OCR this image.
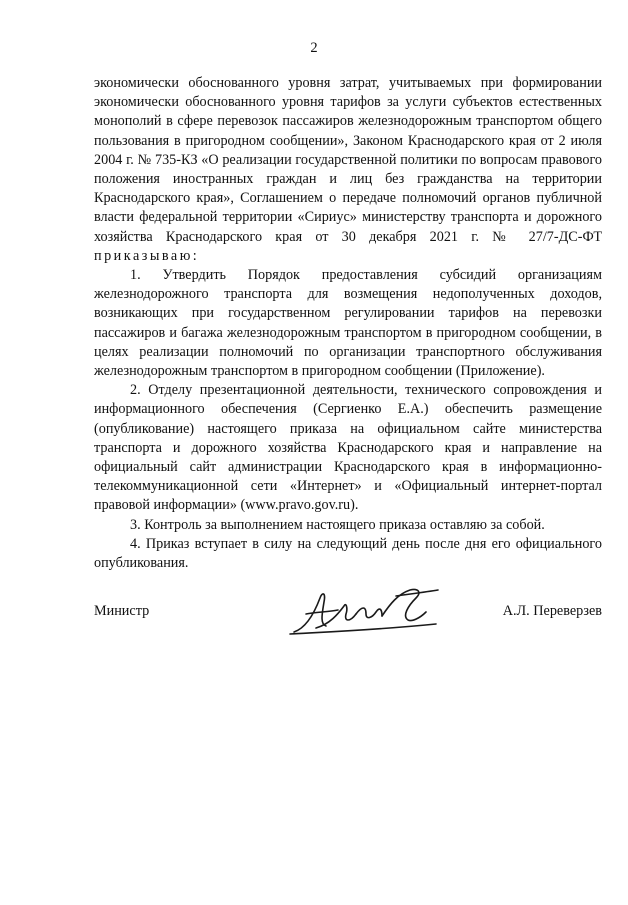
2

экономически обоснованного уровня затрат, учитываемых при формировании экономически обоснованного уровня тарифов за услуги субъектов естественных монополий в сфере перевозок пассажиров железнодорожным транспортом общего пользования в пригородном сообщении», Законом Краснодарского края от 2 июля 2004 г. № 735-КЗ «О реализации государственной политики по вопросам правового положения иностранных граждан и лиц без гражданства на территории Краснодарского края», Соглашением о передаче полномочий органов публичной власти федеральной территории «Сириус» министерству транспорта и дорожного хозяйства Краснодарского края от 30 декабря 2021 г. № 27/7-ДС-ФТ приказываю:

1. Утвердить Порядок предоставления субсидий организациям железнодорожного транспорта для возмещения недополученных доходов, возникающих при государственном регулировании тарифов на перевозки пассажиров и багажа железнодорожным транспортом в пригородном сообщении, в целях реализации полномочий по организации транспортного обслуживания железнодорожным транспортом в пригородном сообщении (Приложение).

2. Отделу презентационной деятельности, технического сопровождения и информационного обеспечения (Сергиенко Е.А.) обеспечить размещение (опубликование) настоящего приказа на официальном сайте министерства транспорта и дорожного хозяйства Краснодарского края и направление на официальный сайт администрации Краснодарского края в информационно-телекоммуникационной сети «Интернет» и «Официальный интернет-портал правовой информации» (www.pravo.gov.ru).

3. Контроль за выполнением настоящего приказа оставляю за собой.

4. Приказ вступает в силу на следующий день после дня его официального опубликования.

Министр	А.Л. Переверзев
